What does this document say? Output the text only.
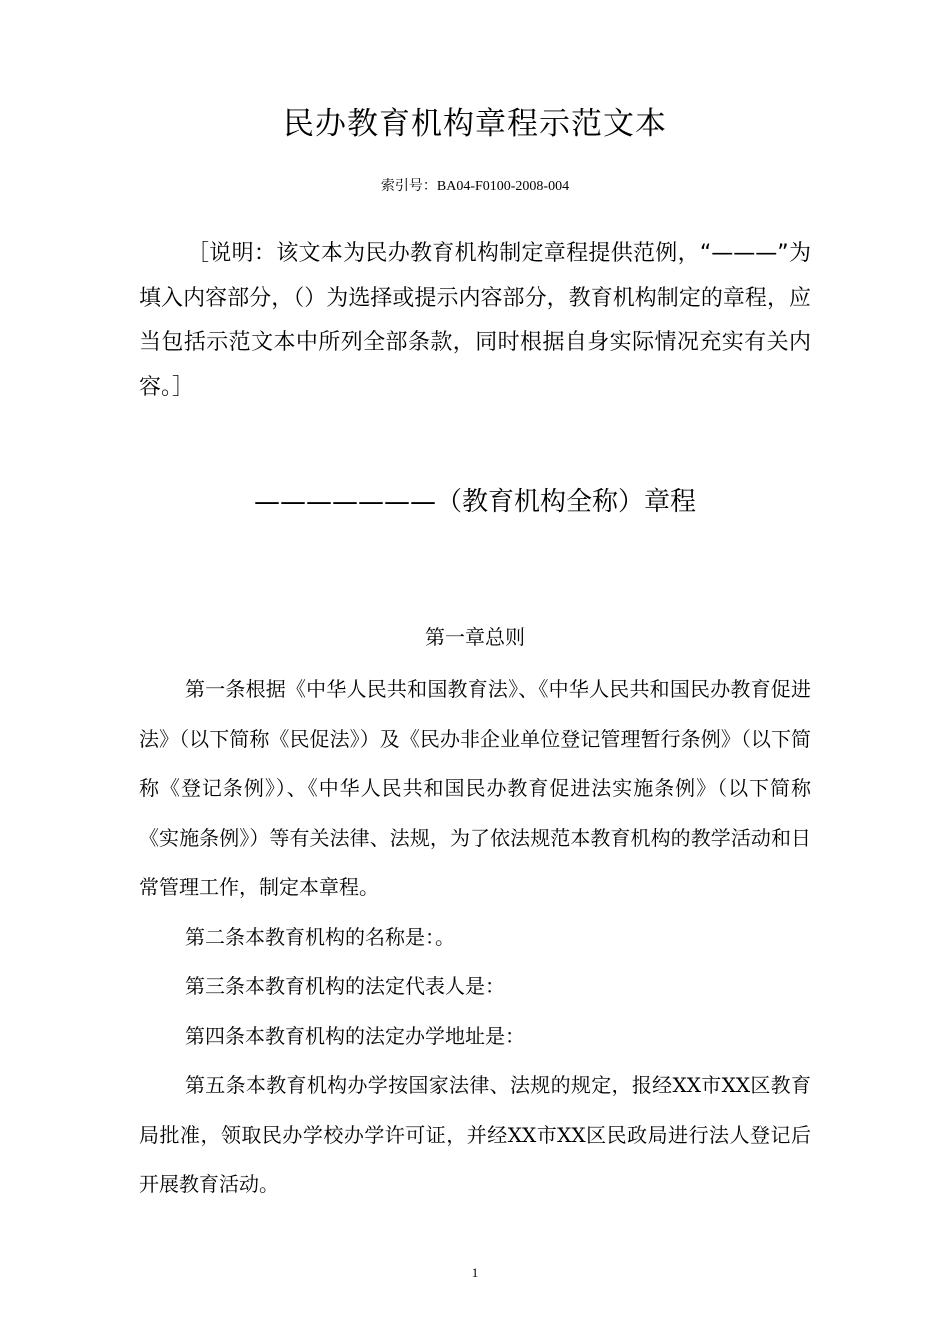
民办教育机构章程示范文本
索引号：BA04-F0100-2008-004
［说明：该文本为民办教育机构制定章程提供范例，“———”为填入内容部分，（）为选择或提示内容部分，教育机构制定的章程，应当包括示范文本中所列全部条款，同时根据自身实际情况充实有关内容。］
———————（教育机构全称）章程
第一章总则

第一条根据《中华人民共和国教育法》、《中华人民共和国民办教育促进法》（以下简称《民促法》）及《民办非企业单位登记管理暂行条例》（以下简称《登记条例》）、《中华人民共和国民办教育促进法实施条例》（以下简称《实施条例》）等有关法律、法规，为了依法规范本教育机构的教学活动和日常管理工作，制定本章程。

第二条本教育机构的名称是：。

第三条本教育机构的法定代表人是：

第四条本教育机构的法定办学地址是：

第五条本教育机构办学按国家法律、法规的规定，报经XX市XX区教育局批准，领取民办学校办学许可证，并经XX市XX区民政局进行法人登记后开展教育活动。

1
